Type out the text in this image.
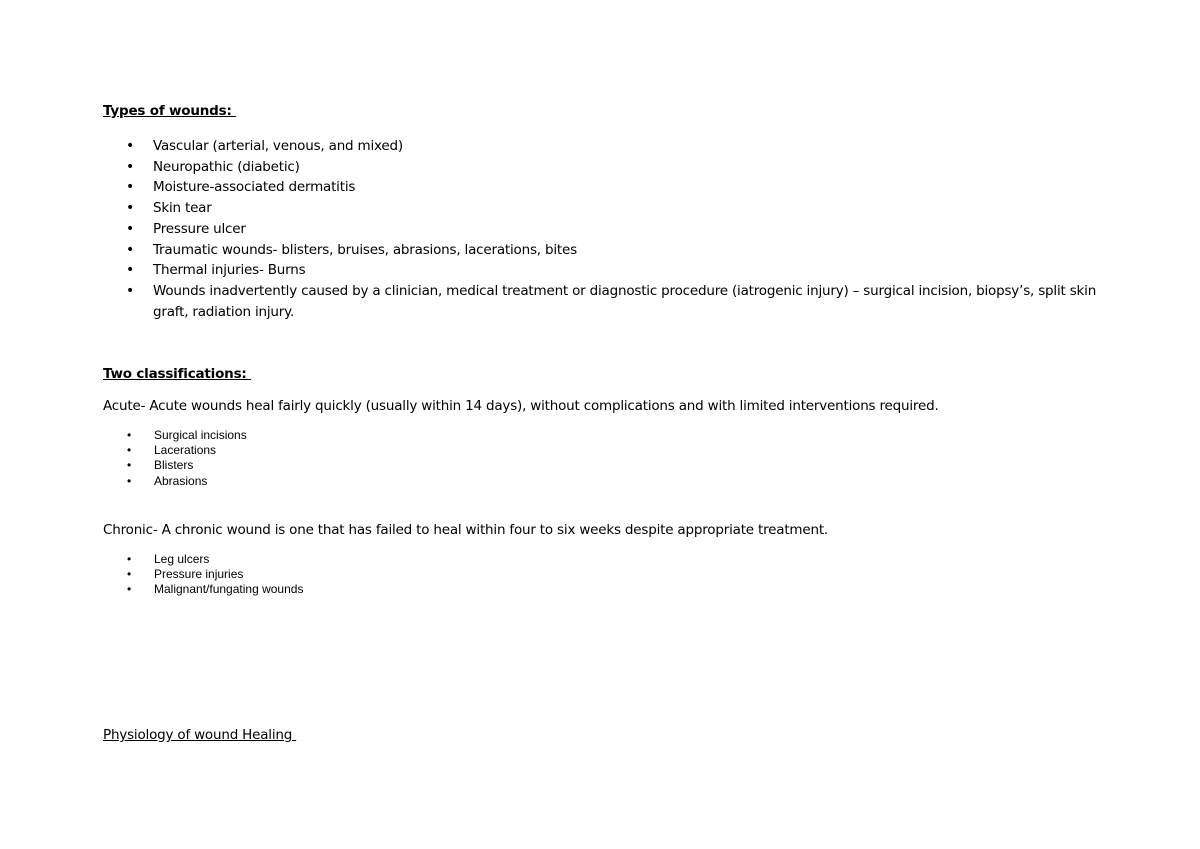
Types of wounds:
• Vascular (arterial, venous, and mixed)
• Neuropathic (diabetic)
• Moisture-associated dermatitis
• Skin tear
• Pressure ulcer
• Traumatic wounds- blisters, bruises, abrasions, lacerations, bites
• Thermal injuries- Burns
• Wounds inadvertently caused by a clinician, medical treatment or diagnostic procedure (iatrogenic injury) – surgical incision, biopsy’s, split skin graft, radiation injury.
Two classifications:
Acute- Acute wounds heal fairly quickly (usually within 14 days), without complications and with limited interventions required.
• Surgical incisions
• Lacerations
• Blisters
• Abrasions
Chronic- A chronic wound is one that has failed to heal within four to six weeks despite appropriate treatment.
• Leg ulcers
• Pressure injuries
• Malignant/fungating wounds
Physiology of wound Healing
